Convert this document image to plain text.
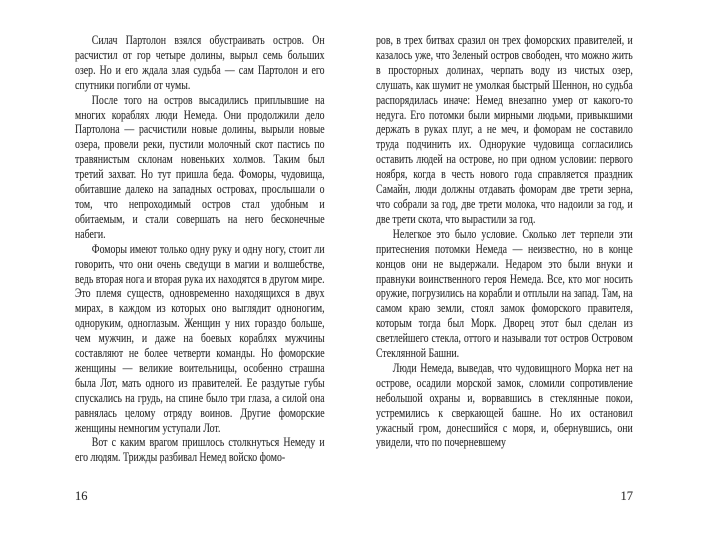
Силач Партолон взялся обустраивать остров. Он расчистил от гор четыре долины, вырыл семь больших озер. Но и его ждала злая судьба — сам Партолон и его спутники погибли от чумы.

После того на остров высадились приплывшие на многих кораблях люди Немеда. Они продолжили дело Партолона — расчистили новые долины, вырыли новые озера, провели реки, пустили молочный скот пастись по травянистым склонам новеньких холмов. Таким был третий захват. Но тут пришла беда. Фоморы, чудовища, обитавшие далеко на западных островах, прослышали о том, что непроходимый остров стал удобным и обитаемым, и стали совершать на него бесконечные набеги.

Фоморы имеют только одну руку и одну ногу, стоит ли говорить, что они очень сведущи в магии и волшебстве, ведь вторая нога и вторая рука их находятся в другом мире. Это племя существ, одновременно находящихся в двух мирах, в каждом из которых оно выглядит одноногим, одноруким, одноглазым. Женщин у них гораздо больше, чем мужчин, и даже на боевых кораблях мужчины составляют не более четверти команды. Но фоморские женщины — великие воительницы, особенно страшна была Лот, мать одного из правителей. Ее раздутые губы спускались на грудь, на спине было три глаза, а силой она равнялась целому отряду воинов. Другие фоморские женщины немногим уступали Лот.

Вот с каким врагом пришлось столкнуться Немеду и его людям. Трижды разбивал Немед войско фомо-

16

ров, в трех битвах сразил он трех фоморских правителей, и казалось уже, что Зеленый остров свободен, что можно жить в просторных долинах, черпать воду из чистых озер, слушать, как шумит не умолкая быстрый Шеннон, но судьба распорядилась иначе: Немед внезапно умер от какого-то недуга. Его потомки были мирными людьми, привыкшими держать в руках плуг, а не меч, и фоморам не составило труда подчинить их. Однорукие чудовища согласились оставить людей на острове, но при одном условии: первого ноября, когда в честь нового года справляется праздник Самайн, люди должны отдавать фоморам две трети зерна, что собрали за год, две трети молока, что надоили за год, и две трети скота, что вырастили за год.

Нелегкое это было условие. Сколько лет терпели эти притеснения потомки Немеда — неизвестно, но в конце концов они не выдержали. Недаром это были внуки и правнуки воинственного героя Немеда. Все, кто мог носить оружие, погрузились на корабли и отплыли на запад. Там, на самом краю земли, стоял замок фоморского правителя, которым тогда был Морк. Дворец этот был сделан из светлейшего стекла, оттого и называли тот остров Островом Стеклянной Башни.

Люди Немеда, выведав, что чудовищного Морка нет на острове, осадили морской замок, сломили сопротивление небольшой охраны и, ворвавшись в стеклянные покои, устремились к сверкающей башне. Но их остановил ужасный гром, донесшийся с моря, и, обернувшись, они увидели, что по почерневшему

17
